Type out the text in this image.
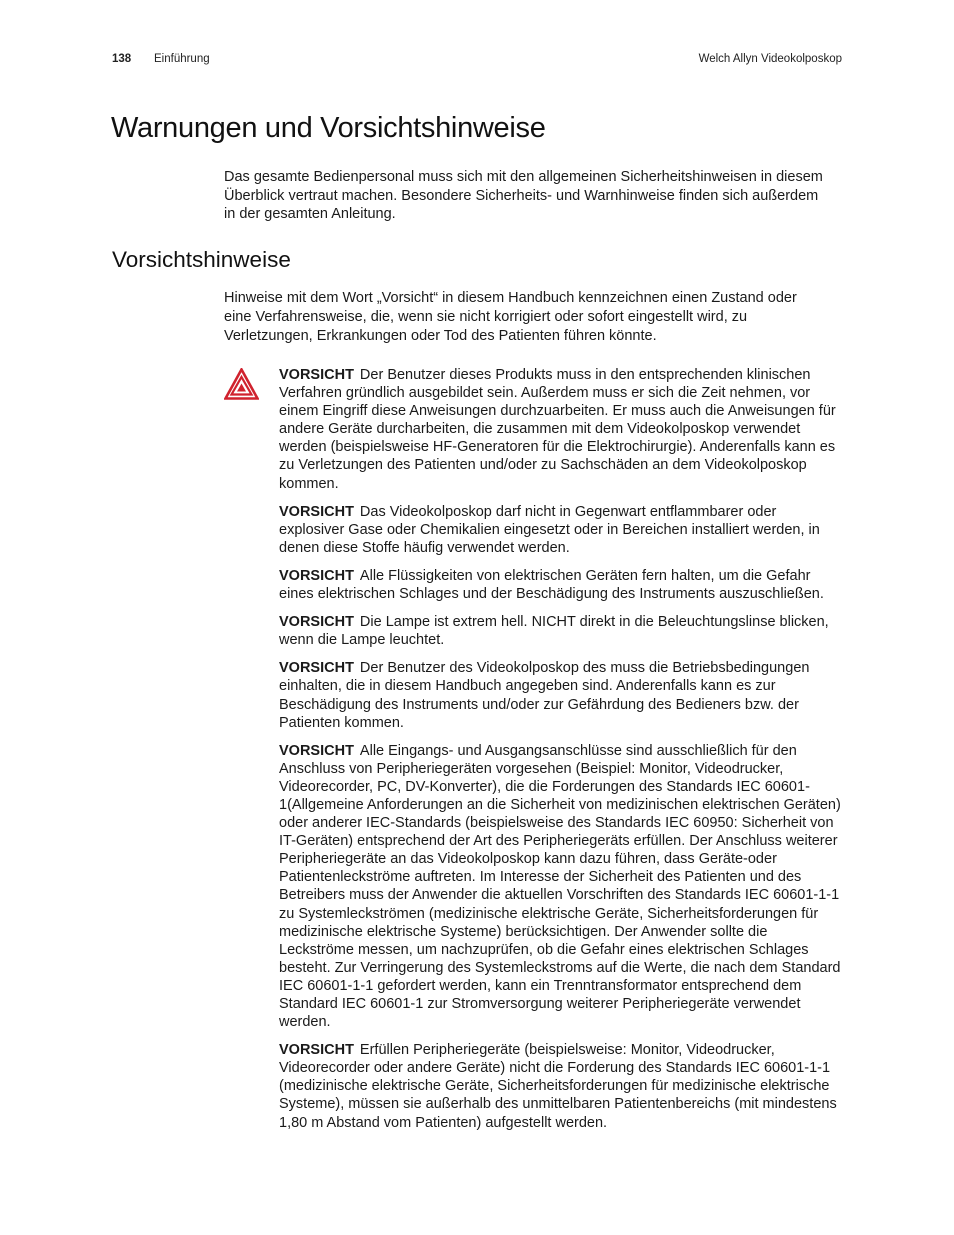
138 Einführung	Welch Allyn Videokolposkop
Warnungen und Vorsichtshinweise

Das gesamte Bedienpersonal muss sich mit den allgemeinen Sicherheitshinweisen in diesem Überblick vertraut machen. Besondere Sicherheits- und Warnhinweise finden sich außerdem in der gesamten Anleitung.

Vorsichtshinweise

Hinweise mit dem Wort „Vorsicht“ in diesem Handbuch kennzeichnen einen Zustand oder eine Verfahrensweise, die, wenn sie nicht korrigiert oder sofort eingestellt wird, zu Verletzungen, Erkrankungen oder Tod des Patienten führen könnte.

VORSICHT Der Benutzer dieses Produkts muss in den entsprechenden klinischen Verfahren gründlich ausgebildet sein. Außerdem muss er sich die Zeit nehmen, vor einem Eingriff diese Anweisungen durchzuarbeiten. Er muss auch die Anweisungen für andere Geräte durcharbeiten, die zusammen mit dem Videokolposkop verwendet werden (beispielsweise HF-Generatoren für die Elektrochirurgie). Anderenfalls kann es zu Verletzungen des Patienten und/oder zu Sachschäden an dem Videokolposkop kommen.

VORSICHT Das Videokolposkop darf nicht in Gegenwart entflammbarer oder explosiver Gase oder Chemikalien eingesetzt oder in Bereichen installiert werden, in denen diese Stoffe häufig verwendet werden.

VORSICHT Alle Flüssigkeiten von elektrischen Geräten fern halten, um die Gefahr eines elektrischen Schlages und der Beschädigung des Instruments auszuschließen.

VORSICHT Die Lampe ist extrem hell. NICHT direkt in die Beleuchtungslinse blicken, wenn die Lampe leuchtet.

VORSICHT Der Benutzer des Videokolposkop des muss die Betriebsbedingungen einhalten, die in diesem Handbuch angegeben sind. Anderenfalls kann es zur Beschädigung des Instruments und/oder zur Gefährdung des Bedieners bzw. der Patienten kommen.

VORSICHT Alle Eingangs- und Ausgangsanschlüsse sind ausschließlich für den Anschluss von Peripheriegeräten vorgesehen (Beispiel: Monitor, Videodrucker, Videorecorder, PC, DV-Konverter), die die Forderungen des Standards IEC 60601-1(Allgemeine Anforderungen an die Sicherheit von medizinischen elektrischen Geräten) oder anderer IEC-Standards (beispielsweise des Standards IEC 60950: Sicherheit von IT-Geräten) entsprechend der Art des Peripheriegeräts erfüllen. Der Anschluss weiterer Peripheriegeräte an das Videokolposkop kann dazu führen, dass Geräte-oder Patientenleckströme auftreten. Im Interesse der Sicherheit des Patienten und des Betreibers muss der Anwender die aktuellen Vorschriften des Standards IEC 60601-1-1 zu Systemleckströmen (medizinische elektrische Geräte, Sicherheitsforderungen für medizinische elektrische Systeme) berücksichtigen. Der Anwender sollte die Leckströme messen, um nachzuprüfen, ob die Gefahr eines elektrischen Schlages besteht. Zur Verringerung des Systemleckstroms auf die Werte, die nach dem Standard IEC 60601-1-1 gefordert werden, kann ein Trenntransformator entsprechend dem Standard IEC 60601-1 zur Stromversorgung weiterer Peripheriegeräte verwendet werden.

VORSICHT Erfüllen Peripheriegeräte (beispielsweise: Monitor, Videodrucker, Videorecorder oder andere Geräte) nicht die Forderung des Standards IEC 60601-1-1 (medizinische elektrische Geräte, Sicherheitsforderungen für medizinische elektrische Systeme), müssen sie außerhalb des unmittelbaren Patientenbereichs (mit mindestens 1,80 m Abstand vom Patienten) aufgestellt werden.
